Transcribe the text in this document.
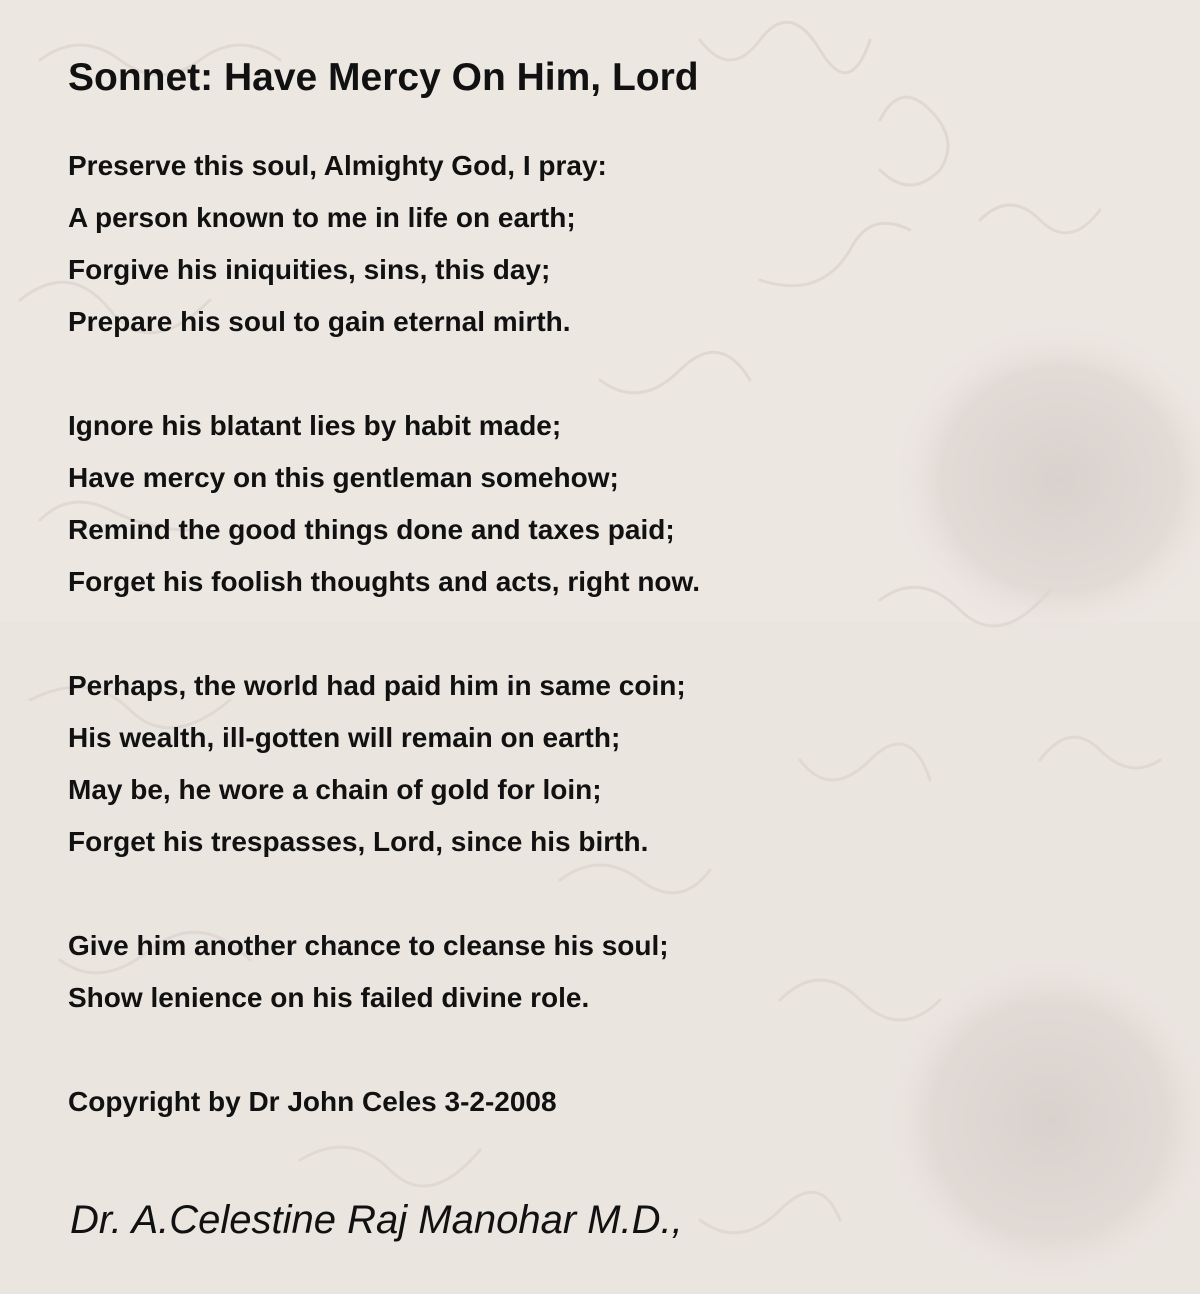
Sonnet: Have Mercy On Him, Lord
Preserve this soul, Almighty God, I pray:
A person known to me in life on earth;
Forgive his iniquities, sins, this day;
Prepare his soul to gain eternal mirth.
Ignore his blatant lies by habit made;
Have mercy on this gentleman somehow;
Remind the good things done and taxes paid;
Forget his foolish thoughts and acts, right now.
Perhaps, the world had paid him in same coin;
His wealth, ill-gotten will remain on earth;
May be, he wore a chain of gold for loin;
Forget his trespasses, Lord, since his birth.
Give him another chance to cleanse his soul;
Show lenience on his failed divine role.
Copyright by Dr John Celes 3-2-2008
Dr. A.Celestine Raj Manohar M.D.,
